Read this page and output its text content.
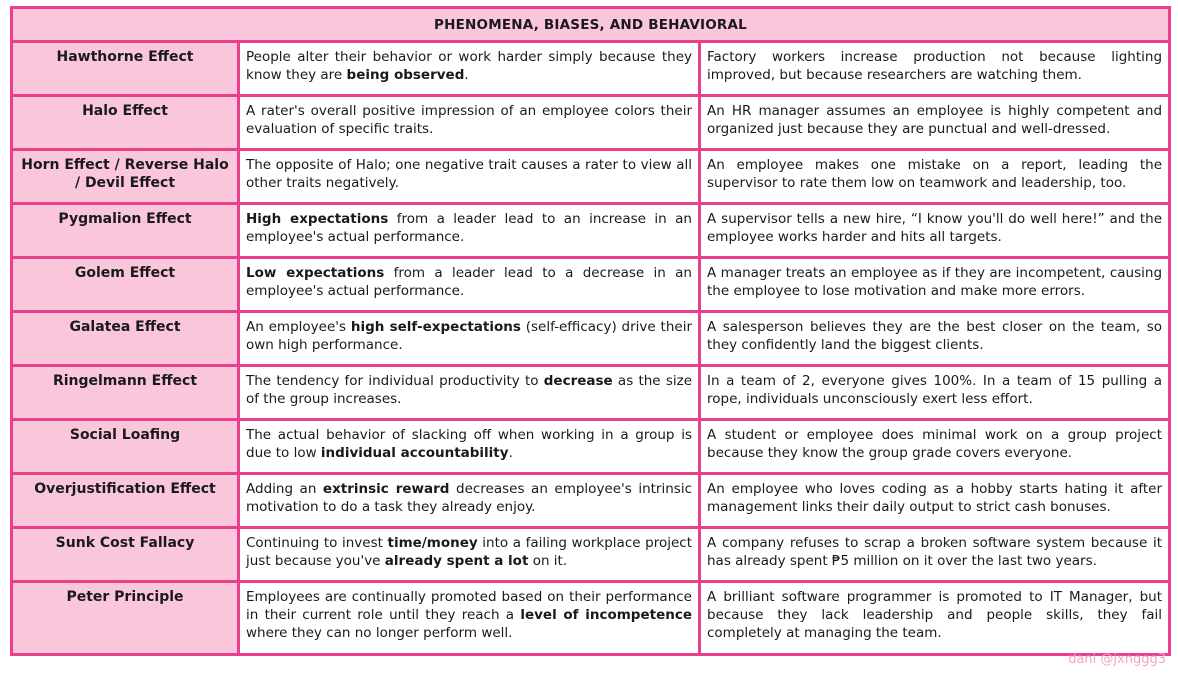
PHENOMENA, BIASES, AND BEHAVIORAL		
Hawthorne Effect	People alter their behavior or work harder simply because they know they are being observed.	Factory workers increase production not because lighting improved, but because researchers are watching them.
Halo Effect	A rater's overall positive impression of an employee colors their evaluation of specific traits.	An HR manager assumes an employee is highly competent and organized just because they are punctual and well-dressed.
Horn Effect / Reverse Halo / Devil Effect	The opposite of Halo; one negative trait causes a rater to view all other traits negatively.	An employee makes one mistake on a report, leading the supervisor to rate them low on teamwork and leadership, too.
Pygmalion Effect	High expectations from a leader lead to an increase in an employee's actual performance.	A supervisor tells a new hire, “I know you'll do well here!” and the employee works harder and hits all targets.
Golem Effect	Low expectations from a leader lead to a decrease in an employee's actual performance.	A manager treats an employee as if they are incompetent, causing the employee to lose motivation and make more errors.
Galatea Effect	An employee's high self-expectations (self-efficacy) drive their own high performance.	A salesperson believes they are the best closer on the team, so they confidently land the biggest clients.
Ringelmann Effect	The tendency for individual productivity to decrease as the size of the group increases.	In a team of 2, everyone gives 100%. In a team of 15 pulling a rope, individuals unconsciously exert less effort.
Social Loafing	The actual behavior of slacking off when working in a group is due to low individual accountability.	A student or employee does minimal work on a group project because they know the group grade covers everyone.
Overjustification Effect	Adding an extrinsic reward decreases an employee's intrinsic motivation to do a task they already enjoy.	An employee who loves coding as a hobby starts hating it after management links their daily output to strict cash bonuses.
Sunk Cost Fallacy	Continuing to invest time/money into a failing workplace project just because you've already spent a lot on it.	A company refuses to scrap a broken software system because it has already spent ₱5 million on it over the last two years.
Peter Principle	Employees are continually promoted based on their performance in their current role until they reach a level of incompetence where they can no longer perform well.	A brilliant software programmer is promoted to IT Manager, but because they lack leadership and people skills, they fail completely at managing the team.
dani @jxnggg3
